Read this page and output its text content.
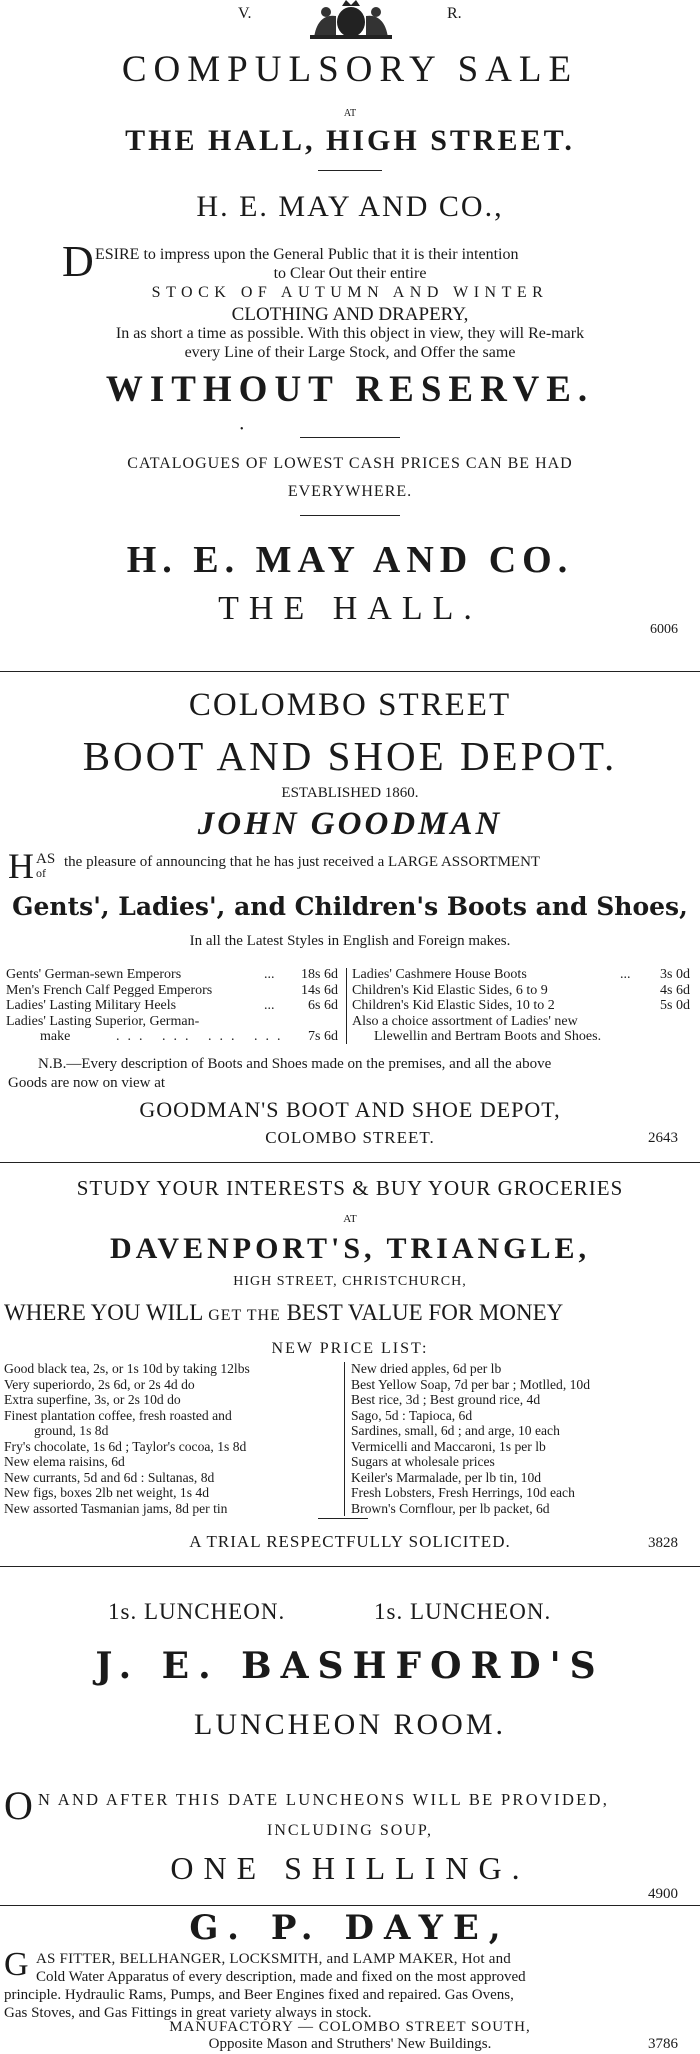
V.	R.
COMPULSORY SALE
AT
THE HALL, HIGH STREET.
H. E. MAY AND CO.,
D ESIRE to impress upon the General Public that it is their intention
to Clear Out their entire
STOCK OF AUTUMN AND WINTER
CLOTHING AND DRAPERY,
In as short a time as possible. With this object in view, they will Re-mark
every Line of their Large Stock, and Offer the same
WITHOUT RESERVE.
•
CATALOGUES OF LOWEST CASH PRICES CAN BE HAD
EVERYWHERE.
H. E. MAY AND CO.
THE HALL.
6006
COLOMBO STREET
BOOT AND SHOE DEPOT.
ESTABLISHED 1860.
JOHN GOODMAN
H AS
of
the pleasure of announcing that he has just received a LARGE ASSORTMENT
Gents', Ladies', and Children's Boots and Shoes,
In all the Latest Styles in English and Foreign makes.
Gents' German-sewn Emperors	... 18s 6d
Men's French Calf Pegged Emperors	14s 6d
Ladies' Lasting Military Heels	... 6s 6d
Ladies' Lasting Superior, German-
make	... ... ... ... 7s 6d
Ladies' Cashmere House Boots	... 3s 0d
Children's Kid Elastic Sides, 6 to 9	4s 6d
Children's Kid Elastic Sides, 10 to 2	5s 0d
Also a choice assortment of Ladies' new
Llewellin and Bertram Boots and Shoes.
N.B.—Every description of Boots and Shoes made on the premises, and all the above
Goods are now on view at
GOODMAN'S BOOT AND SHOE DEPOT,
COLOMBO STREET.	2643
STUDY YOUR INTERESTS & BUY YOUR GROCERIES
AT
DAVENPORT'S, TRIANGLE,
HIGH STREET, CHRISTCHURCH,
WHERE YOU WILL GET THE BEST VALUE FOR MONEY
NEW PRICE LIST:
Good black tea, 2s, or 1s 10d by taking 12lbs
Very superiordo, 2s 6d, or 2s 4d do
Extra superfine, 3s, or 2s 10d do
Finest plantation coffee, fresh roasted and
ground, 1s 8d
Fry's chocolate, 1s 6d ; Taylor's cocoa, 1s 8d
New elema raisins, 6d
New currants, 5d and 6d : Sultanas, 8d
New figs, boxes 2lb net weight, 1s 4d
New assorted Tasmanian jams, 8d per tin
New dried apples, 6d per lb
Best Yellow Soap, 7d per bar ; Motlled, 10d
Best rice, 3d ; Best ground rice, 4d
Sago, 5d : Tapioca, 6d
Sardines, small, 6d ; and arge, 10 each
Vermicelli and Maccaroni, 1s per lb
Sugars at wholesale prices
Keiler's Marmalade, per lb tin, 10d
Fresh Lobsters, Fresh Herrings, 10d each
Brown's Cornflour, per lb packet, 6d
A TRIAL RESPECTFULLY SOLICITED.	3828
1s. LUNCHEON.	1s. LUNCHEON.
J. E. BASHFORD'S
LUNCHEON ROOM.
O N AND AFTER THIS DATE LUNCHEONS WILL BE PROVIDED,
INCLUDING SOUP,
ONE SHILLING.
4900
G. P. DAYE,
G AS FITTER, BELLHANGER, LOCKSMITH, and LAMP MAKER, Hot and
Cold Water Apparatus of every description, made and fixed on the most approved
principle. Hydraulic Rams, Pumps, and Beer Engines fixed and repaired. Gas Ovens,
Gas Stoves, and Gas Fittings in great variety always in stock.
MANUFACTORY — COLOMBO STREET SOUTH,
Opposite Mason and Struthers' New Buildings.	3786
